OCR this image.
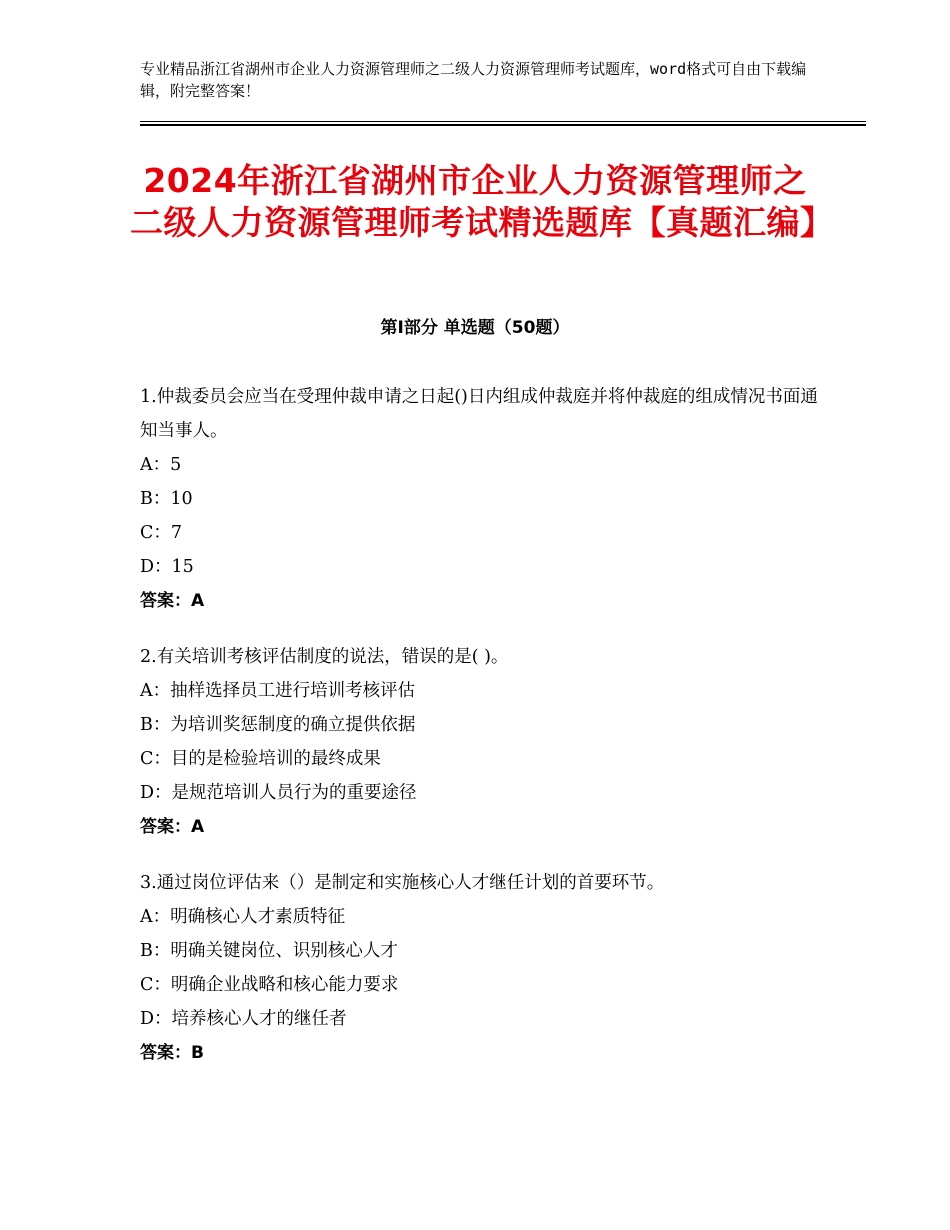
专业精品浙江省湖州市企业人力资源管理师之二级人力资源管理师考试题库，word格式可自由下载编辑，附完整答案！
2024年浙江省湖州市企业人力资源管理师之二级人力资源管理师考试精选题库【真题汇编】
第Ⅰ部分 单选题（50题）

1.仲裁委员会应当在受理仲裁申请之日起()日内组成仲裁庭并将仲裁庭的组成情况书面通知当事人。

A：5

B：10

C：7

D：15

答案：A

2.有关培训考核评估制度的说法，错误的是( )。

A：抽样选择员工进行培训考核评估

B：为培训奖惩制度的确立提供依据

C：目的是检验培训的最终成果

D：是规范培训人员行为的重要途径

答案：A

3.通过岗位评估来（）是制定和实施核心人才继任计划的首要环节。

A：明确核心人才素质特征

B：明确关键岗位、识别核心人才

C：明确企业战略和核心能力要求

D：培养核心人才的继任者

答案：B
